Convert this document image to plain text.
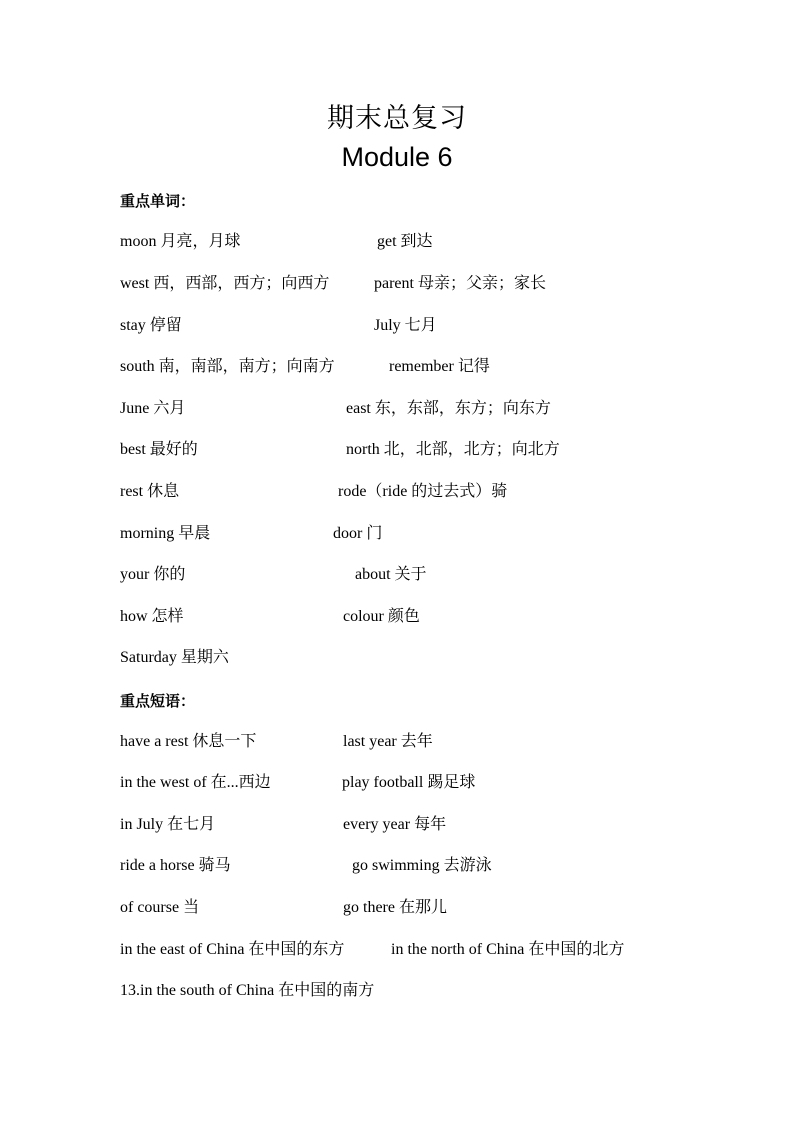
期末总复习
Module 6
重点单词：
moon 月亮，月球	get 到达
west 西，西部，西方；向西方	parent 母亲；父亲；家长
stay 停留	July 七月
south 南，南部，南方；向南方	remember 记得
June 六月	east 东，东部，东方；向东方
best 最好的	north 北，北部，北方；向北方
rest 休息	rode（ride 的过去式）骑
morning 早晨	door 门
your 你的	about 关于
how 怎样	colour 颜色
Saturday 星期六
重点短语：
have a rest 休息一下	last year 去年
in the west of 在...西边	play football 踢足球
in July 在七月	every year 每年
ride a horse 骑马	go swimming 去游泳
of course 当	go there 在那儿
in the east of China 在中国的东方	in the north of China 在中国的北方
13.in the south of China 在中国的南方
